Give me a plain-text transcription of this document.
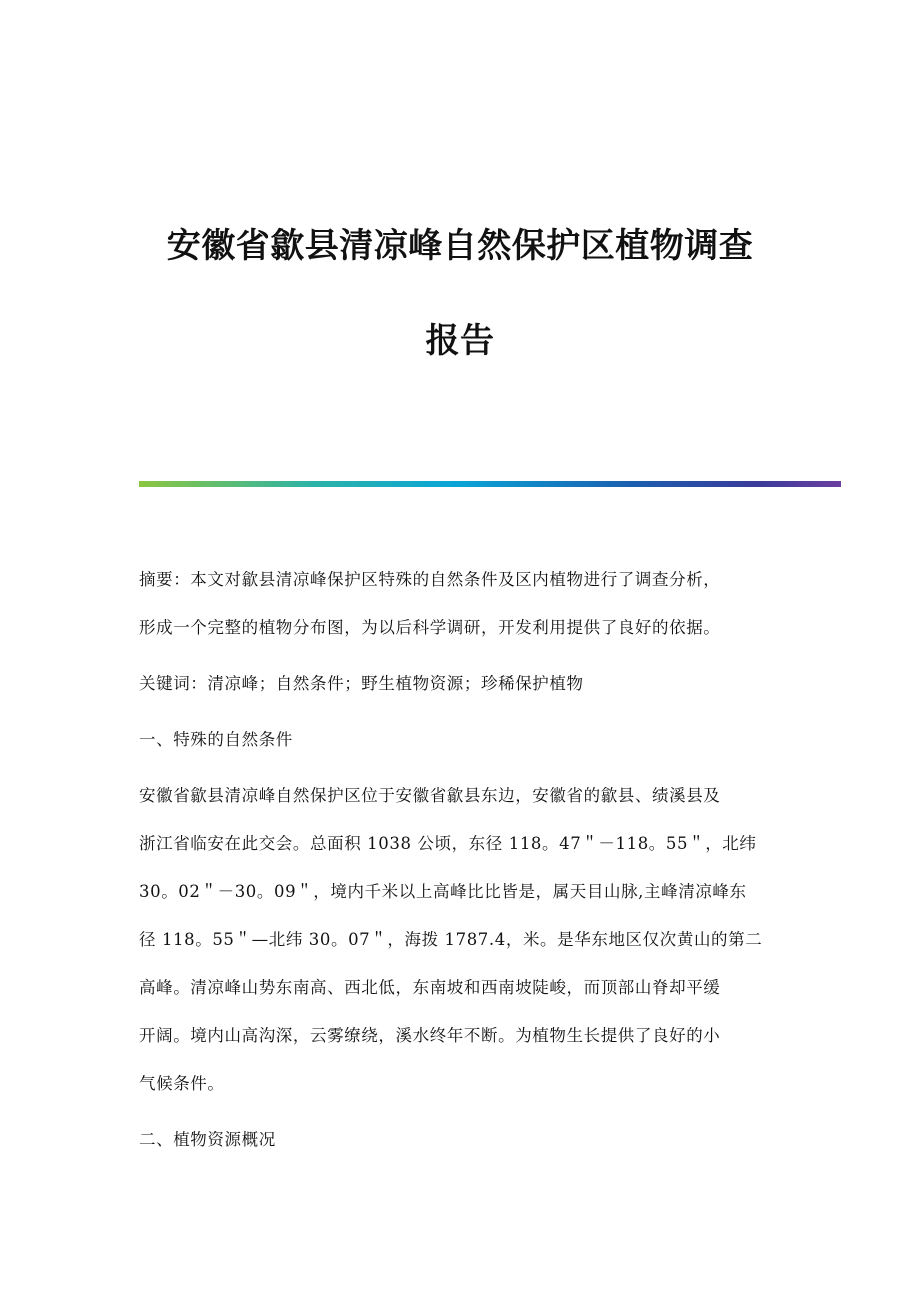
安徽省歙县清凉峰自然保护区植物调查
报告

摘要：本文对歙县清凉峰保护区特殊的自然条件及区内植物进行了调查分析，
形成一个完整的植物分布图，为以后科学调研，开发利用提供了良好的依据。

关键词：清凉峰；自然条件；野生植物资源；珍稀保护植物

一、特殊的自然条件

安徽省歙县清凉峰自然保护区位于安徽省歙县东边，安徽省的歙县、绩溪县及
浙江省临安在此交会。总面积 1038 公顷，东径 118。47＂－118。55＂，北纬
30。02＂－30。09＂，境内千米以上高峰比比皆是，属天目山脉,主峰清凉峰东
径 118。55＂—北纬 30。07＂，海拨 1787.4，米。是华东地区仅次黄山的第二
高峰。清凉峰山势东南高、西北低，东南坡和西南坡陡峻，而顶部山脊却平缓
开阔。境内山高沟深，云雾缭绕，溪水终年不断。为植物生长提供了良好的小
气候条件。

二、植物资源概况
